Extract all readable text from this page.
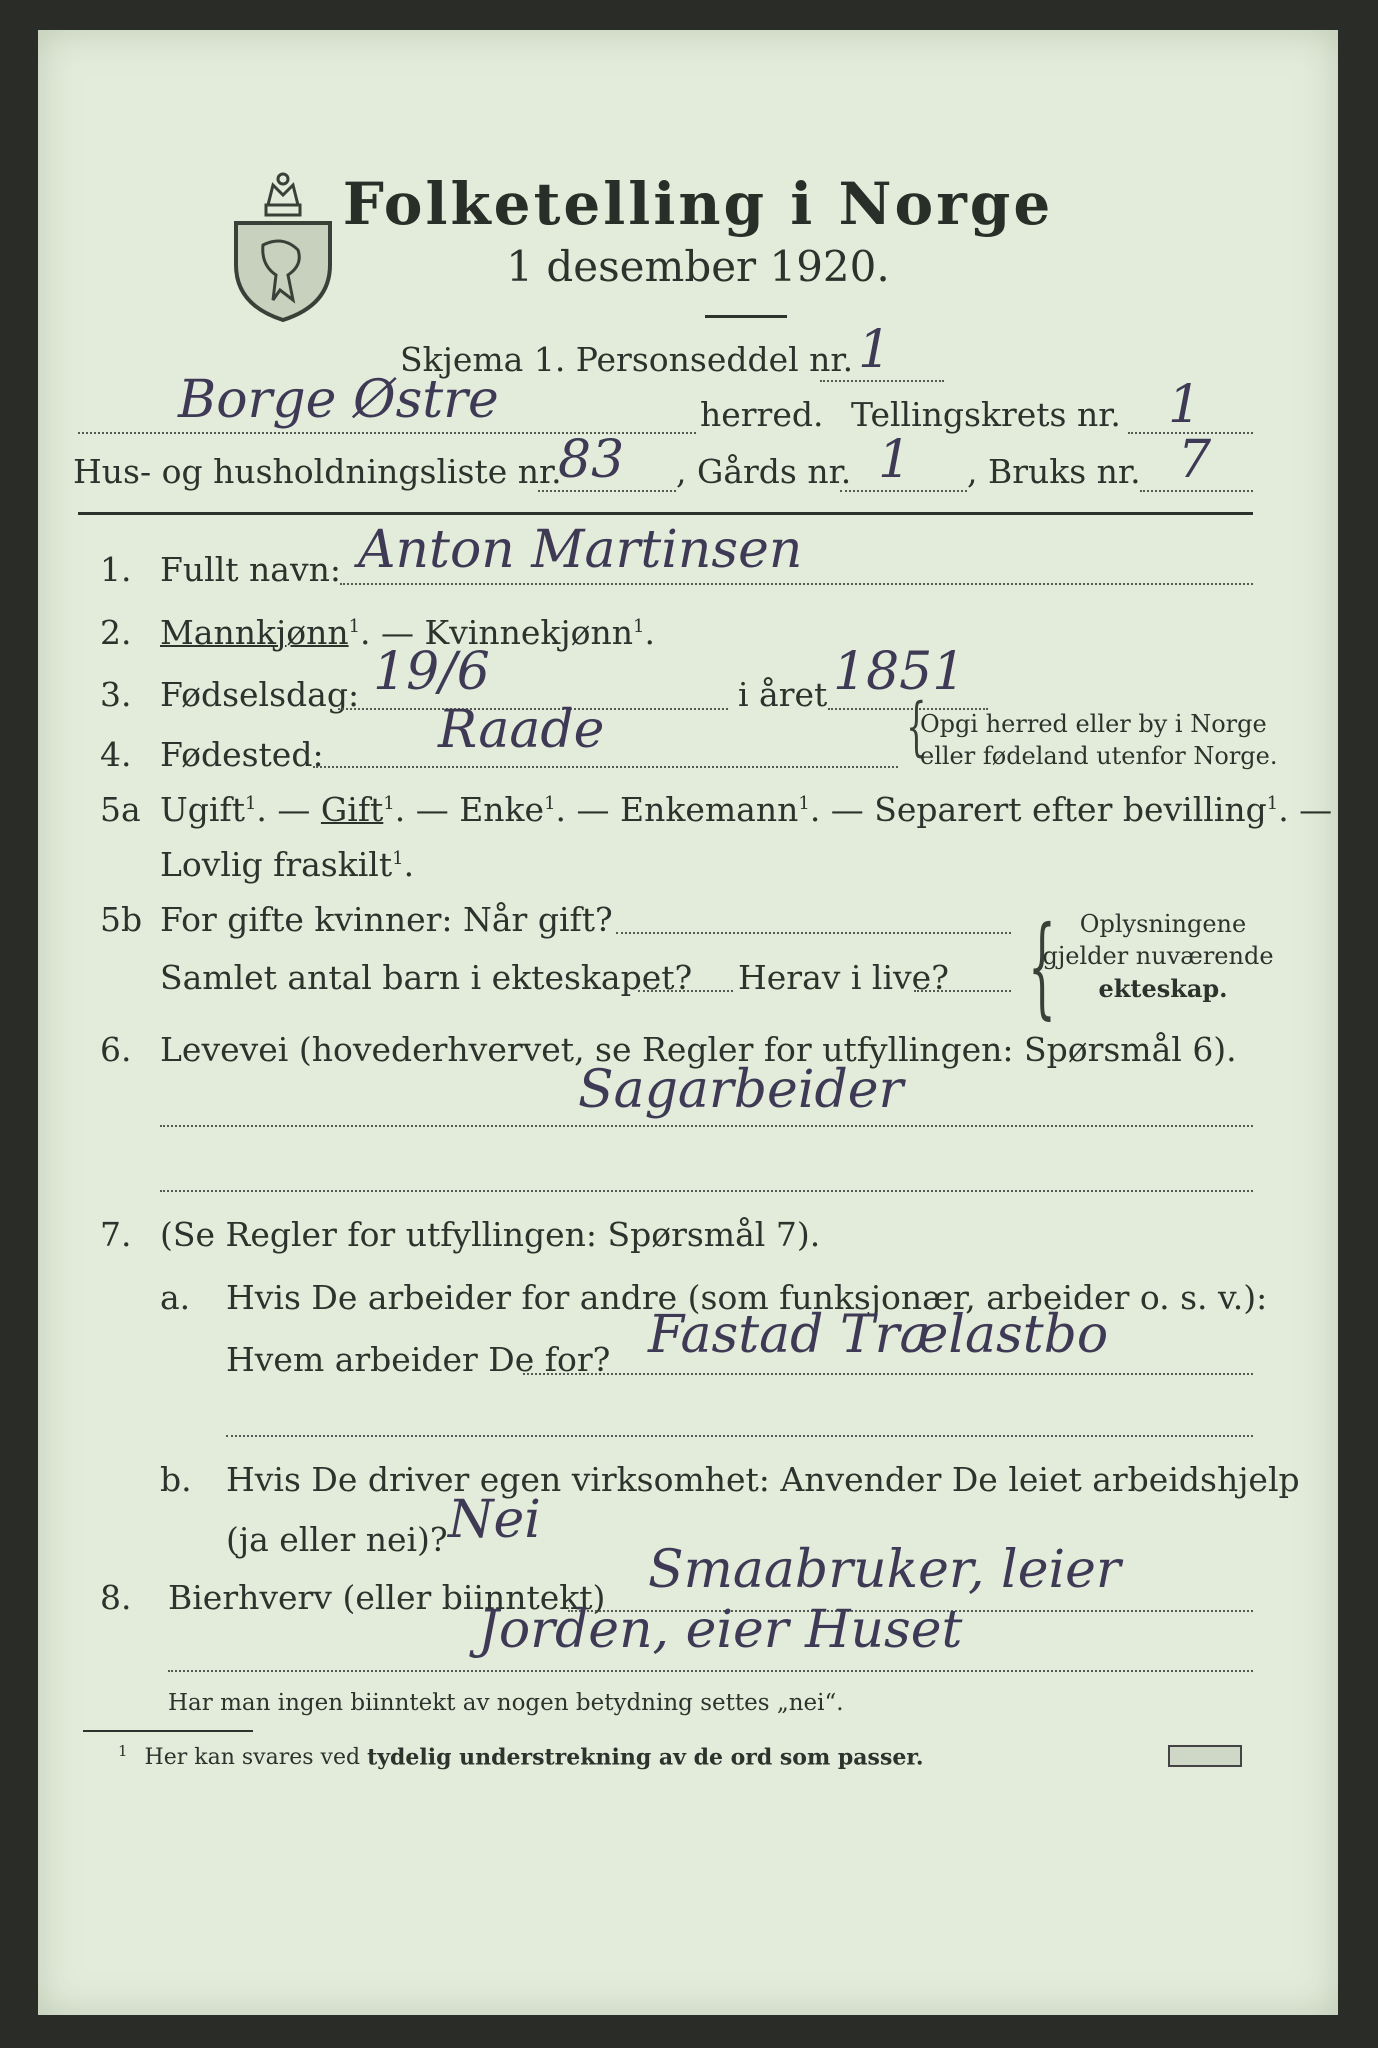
Folketelling i Norge
1 desember 1920.
Skjema 1. Personseddel nr. 1
Borge Østre	herred. Tellingskrets nr. 1
Hus- og husholdningsliste nr.
83 , Gårds nr. 1 , Bruks nr. 7
1. Fullt navn: Anton Martinsen
2. Mannkjønn$^1$. — Kvinnekjønn$^1$.
3. Fødselsdag: 19/6	i året 1851
4. Fødested: Raade	{
Opgi herred eller by i Norge
eller fødeland utenfor Norge.
5a Ugift$^1$. — Gift$^1$. — Enke$^1$. — Enkemann$^1$. — Separert efter bevilling$^1$. —
Lovlig fraskilt$^1$.
5b For gifte kvinner: Når gift?
Samlet antal barn i ekteskapet? Herav i live? { Oplysningene
gjelder nuværende
ekteskap.
6. Levevei (hovederhvervet, se Regler for utfyllingen: Spørsmål 6).
Sagarbeider
7. (Se Regler for utfyllingen: Spørsmål 7).
a. Hvis De arbeider for andre (som funksjonær, arbeider o. s. v.):
Hvem arbeider De for? Fastad Trælastbo
b. Hvis De driver egen virksomhet: Anvender De leiet arbeidshjelp
(ja eller nei)? Nei
8. Bierhverv (eller biinntekt) Smaabruker, leier
Jorden, eier Huset
Har man ingen biinntekt av nogen betydning settes „nei“.
$^1$ Her kan svares ved tydelig understrekning av de ord som passer.
